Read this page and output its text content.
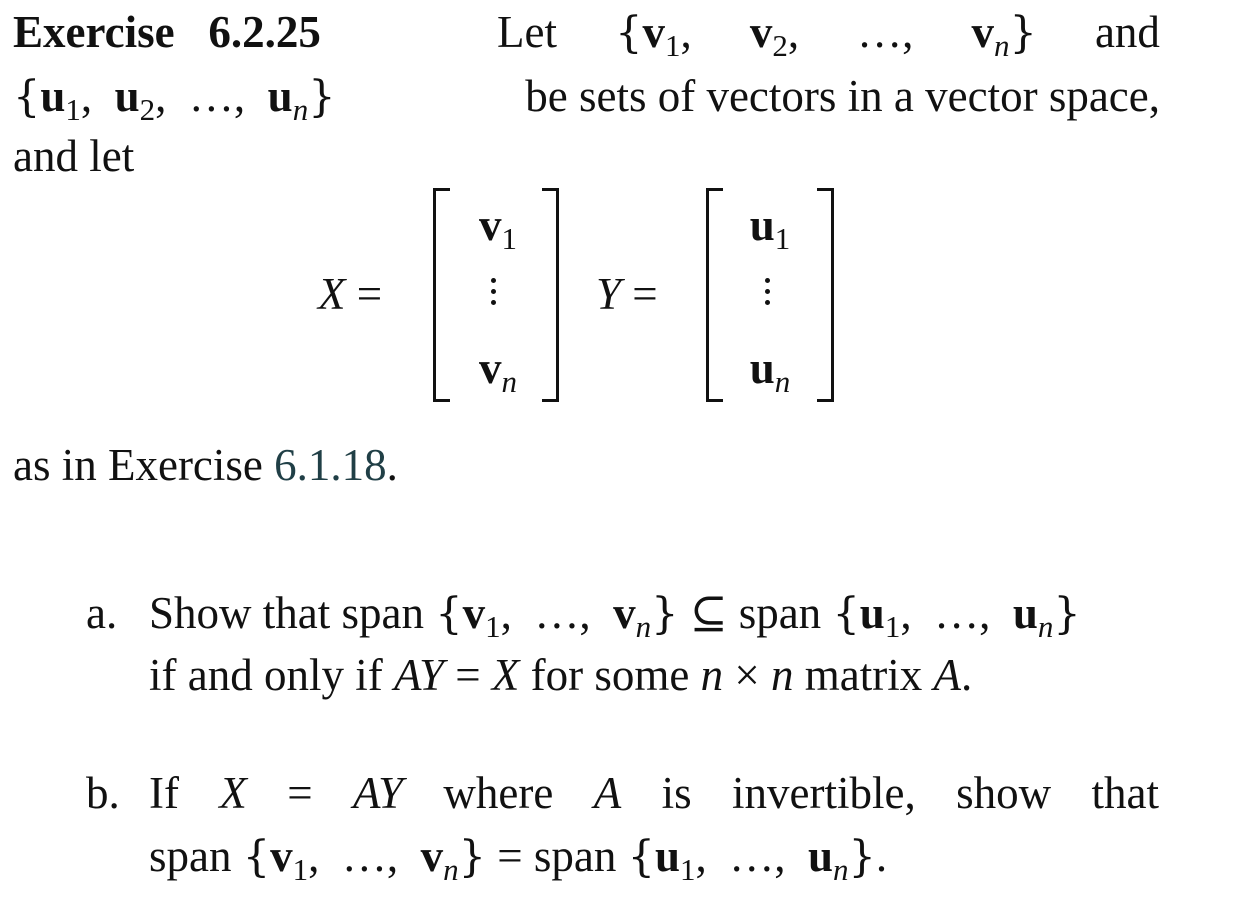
Exercise 6.2.25	Let {$v_1$, $v_2$, …, $v_n$} and
{$u_1$,  $u_2$,  …,  $u_n$}	be sets of vectors in a vector space,
and let
X =
$v_1$
$v_n$
Y =
$u_1$
$u_n$
as in Exercise 6.1.18.
a. Show that span {$v_1$,  …,  $v_n$} ⊆ span {$u_1$,  …,  $u_n$}
if and only if AY = X for some n × n matrix A.
b. If X = AY where A is invertible, show that
span {$v_1$,  …,  $v_n$} = span {$u_1$,  …,  $u_n$}.
